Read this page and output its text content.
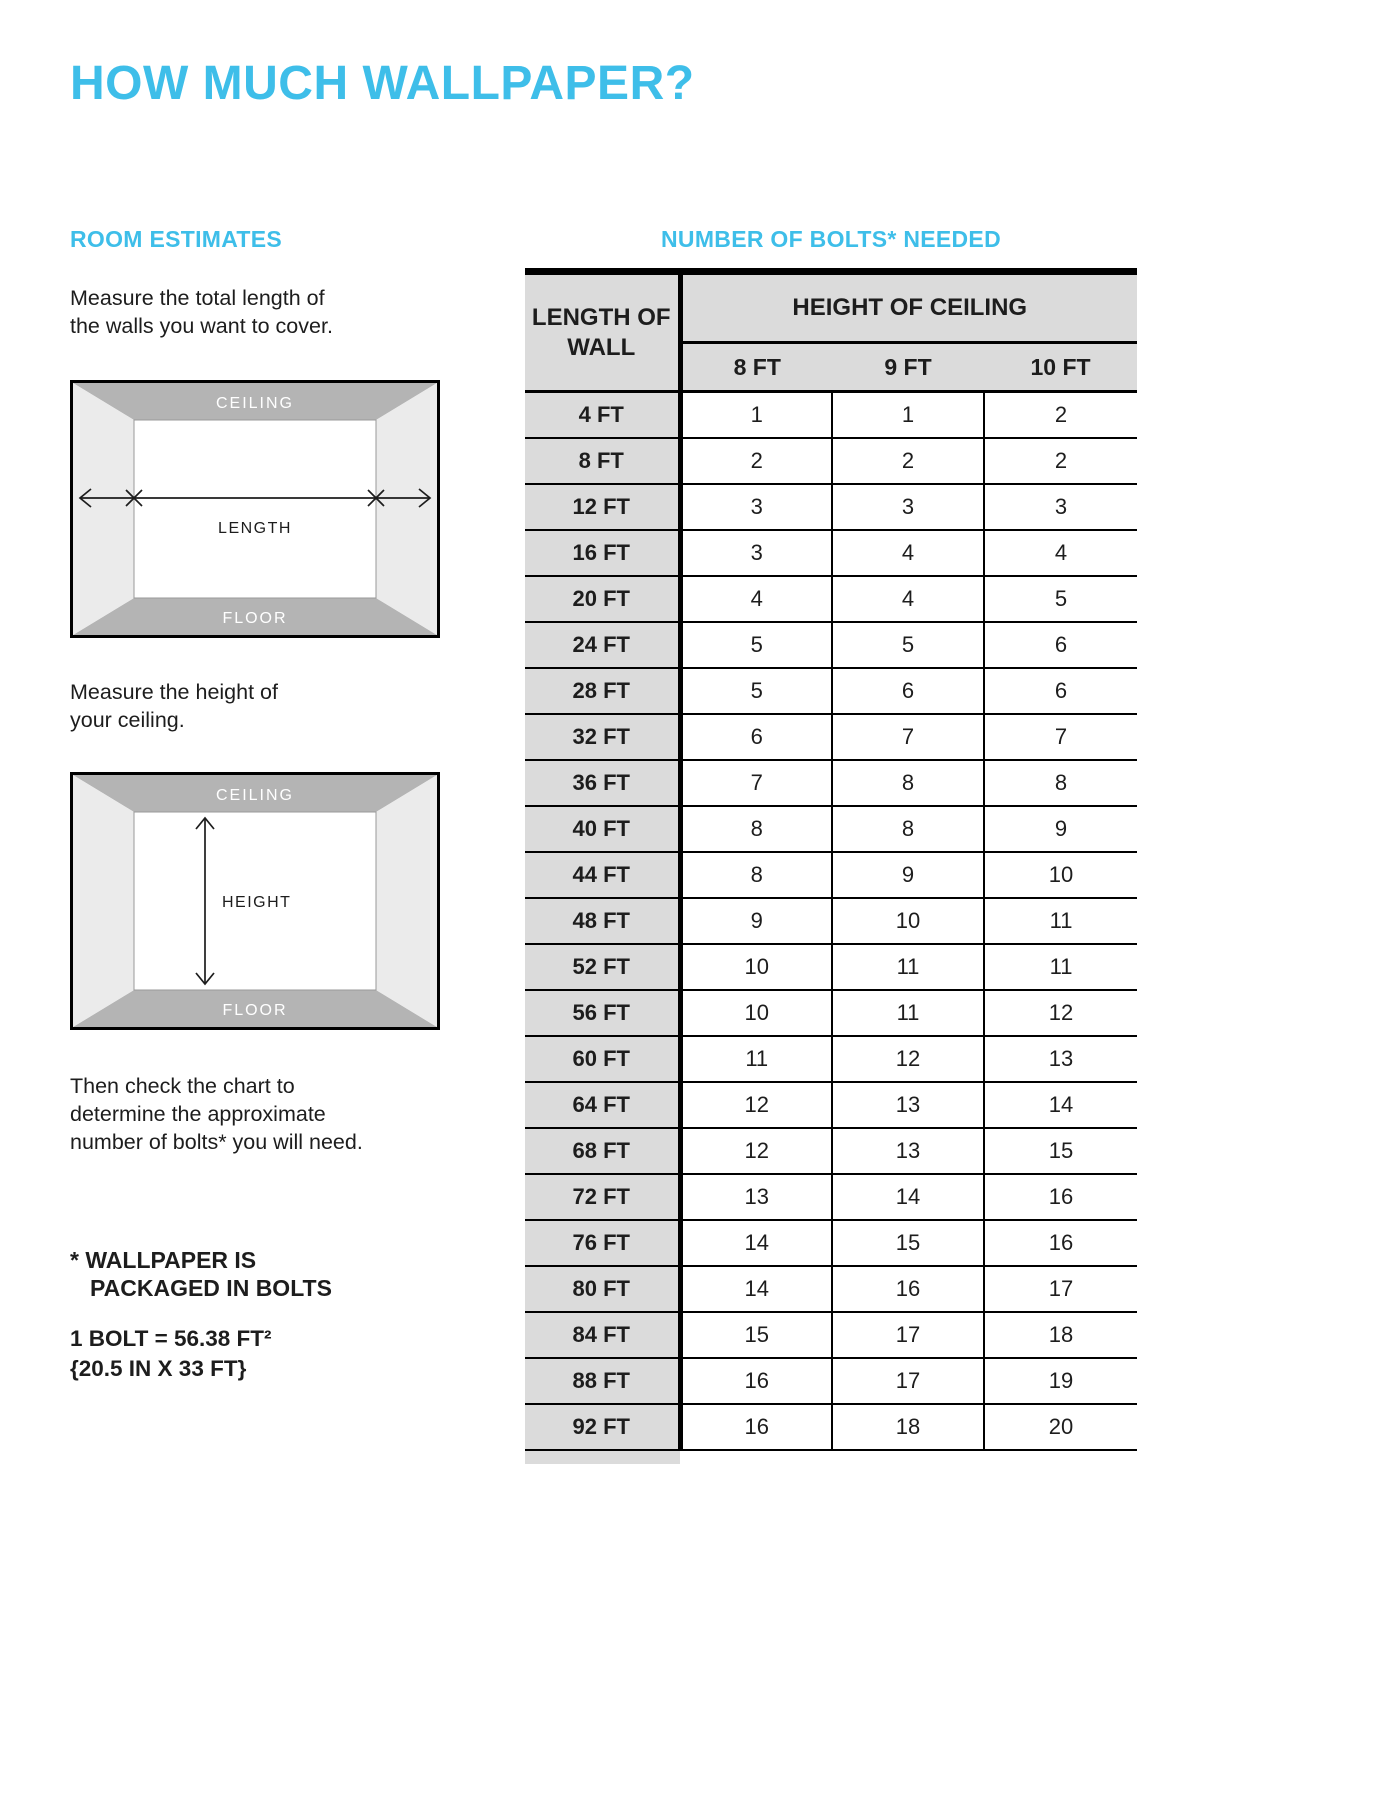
HOW MUCH WALLPAPER?
ROOM ESTIMATES
Measure the total length of
the walls you want to cover.
CEILING
FLOOR
LENGTH
Measure the height of
your ceiling.
CEILING
FLOOR
HEIGHT
Then check the chart to
determine the approximate
number of bolts* you will need.
* WALLPAPER IS
PACKAGED IN BOLTS
1 BOLT = 56.38 FT²
{20.5 IN X 33 FT}
NUMBER OF BOLTS* NEEDED
LENGTH OF WALL	HEIGHT OF CEILING		
	8 FT	9 FT	10 FT
4 FT	1	1	2
8 FT	2	2	2
12 FT	3	3	3
16 FT	3	4	4
20 FT	4	4	5
24 FT	5	5	6
28 FT	5	6	6
32 FT	6	7	7
36 FT	7	8	8
40 FT	8	8	9
44 FT	8	9	10
48 FT	9	10	11
52 FT	10	11	11
56 FT	10	11	12
60 FT	11	12	13
64 FT	12	13	14
68 FT	12	13	15
72 FT	13	14	16
76 FT	14	15	16
80 FT	14	16	17
84 FT	15	17	18
88 FT	16	17	19
92 FT	16	18	20
